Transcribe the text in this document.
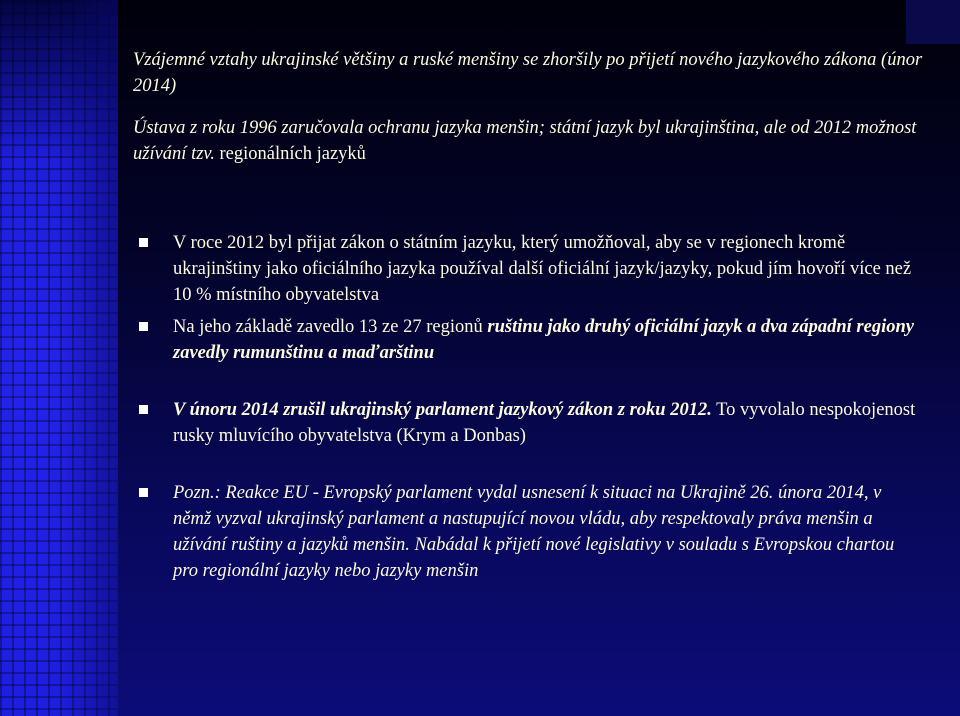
Vzájemné vztahy ukrajinské většiny a ruské menšiny se zhoršily po přijetí nového jazykového zákona (únor 2014)

Ústava z roku 1996 zaručovala ochranu jazyka menšin; státní jazyk byl ukrajinština, ale od 2012 možnost užívání tzv. regionálních jazyků

V roce 2012 byl přijat zákon o státním jazyku, který umožňoval, aby se v regionech kromě ukrajinštiny jako oficiálního jazyka používal další oficiální jazyk/jazyky, pokud jím hovoří více než 10 % místního obyvatelstva
Na jeho základě zavedlo 13 ze 27 regionů ruštinu jako druhý oficiální jazyk a dva západní regiony zavedly rumunštinu a maďarštinu
V únoru 2014 zrušil ukrajinský parlament jazykový zákon z roku 2012. To vyvolalo nespokojenost rusky mluvícího obyvatelstva (Krym a Donbas)
Pozn.: Reakce EU - Evropský parlament vydal usnesení k situaci na Ukrajině 26. února 2014, v němž vyzval ukrajinský parlament a nastupující novou vládu, aby respektovaly práva menšin a užívání ruštiny a jazyků menšin. Nabádal k přijetí nové legislativy v souladu s Evropskou chartou pro regionální jazyky nebo jazyky menšin
